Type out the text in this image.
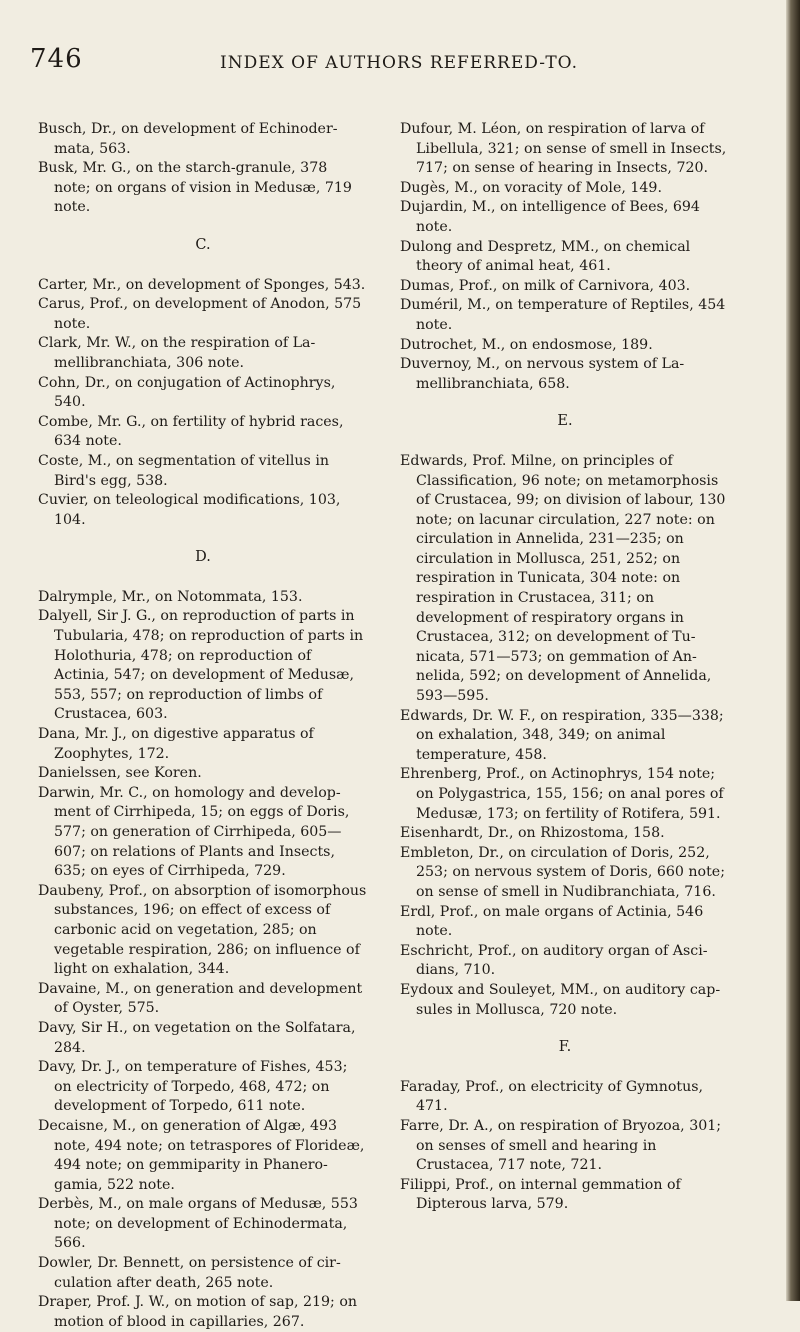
746	INDEX OF AUTHORS REFERRED-TO.

Busch, Dr., on development of Echinodermata, 563.

Busk, Mr. G., on the starch-granule, 378 note; on organs of vision in Medusæ, 719 note.

C.

Carter, Mr., on development of Sponges, 543.

Carus, Prof., on development of Anodon, 575 note.

Clark, Mr. W., on the respiration of Lamellibranchiata, 306 note.

Cohn, Dr., on conjugation of Actinophrys, 540.

Combe, Mr. G., on fertility of hybrid races, 634 note.

Coste, M., on segmentation of vitellus in Bird's egg, 538.

Cuvier, on teleological modifications, 103, 104.

D.

Dalrymple, Mr., on Notommata, 153.

Dalyell, Sir J. G., on reproduction of parts in Tubularia, 478; on reproduction of parts in Holothuria, 478; on reproduction of Actinia, 547; on development of Medusæ, 553, 557; on reproduction of limbs of Crustacea, 603.

Dana, Mr. J., on digestive apparatus of Zoophytes, 172.

Danielssen, see Koren.

Darwin, Mr. C., on homology and development of Cirrhipeda, 15; on eggs of Doris, 577; on generation of Cirrhipeda, 605—607; on relations of Plants and Insects, 635; on eyes of Cirrhipeda, 729.

Daubeny, Prof., on absorption of isomorphous substances, 196; on effect of excess of carbonic acid on vegetation, 285; on vegetable respiration, 286; on influence of light on exhalation, 344.

Davaine, M., on generation and development of Oyster, 575.

Davy, Sir H., on vegetation on the Solfatara, 284.

Davy, Dr. J., on temperature of Fishes, 453; on electricity of Torpedo, 468, 472; on development of Torpedo, 611 note.

Decaisne, M., on generation of Algæ, 493 note, 494 note; on tetraspores of Florideæ, 494 note; on gemmiparity in Phanerogamia, 522 note.

Derbès, M., on male organs of Medusæ, 553 note; on development of Echinodermata, 566.

Dowler, Dr. Bennett, on persistence of circulation after death, 265 note.

Draper, Prof. J. W., on motion of sap, 219; on motion of blood in capillaries, 267.

Dufour, M. Léon, on respiration of larva of Libellula, 321; on sense of smell in Insects, 717; on sense of hearing in Insects, 720.

Dugès, M., on voracity of Mole, 149.

Dujardin, M., on intelligence of Bees, 694 note.

Dulong and Despretz, MM., on chemical theory of animal heat, 461.

Dumas, Prof., on milk of Carnivora, 403.

Duméril, M., on temperature of Reptiles, 454 note.

Dutrochet, M., on endosmose, 189.

Duvernoy, M., on nervous system of Lamellibranchiata, 658.

E.

Edwards, Prof. Milne, on principles of Classification, 96 note; on metamorphosis of Crustacea, 99; on division of labour, 130 note; on lacunar circulation, 227 note: on circulation in Annelida, 231—235; on circulation in Mollusca, 251, 252; on respiration in Tunicata, 304 note: on respiration in Crustacea, 311; on development of respiratory organs in Crustacea, 312; on development of Tunicata, 571—573; on gemmation of Annelida, 592; on development of Annelida, 593—595.

Edwards, Dr. W. F., on respiration, 335—338; on exhalation, 348, 349; on animal temperature, 458.

Ehrenberg, Prof., on Actinophrys, 154 note; on Polygastrica, 155, 156; on anal pores of Medusæ, 173; on fertility of Rotifera, 591.

Eisenhardt, Dr., on Rhizostoma, 158.

Embleton, Dr., on circulation of Doris, 252, 253; on nervous system of Doris, 660 note; on sense of smell in Nudibranchiata, 716.

Erdl, Prof., on male organs of Actinia, 546 note.

Eschricht, Prof., on auditory organ of Ascidians, 710.

Eydoux and Souleyet, MM., on auditory capsules in Mollusca, 720 note.

F.

Faraday, Prof., on electricity of Gymnotus, 471.

Farre, Dr. A., on respiration of Bryozoa, 301; on senses of smell and hearing in Crustacea, 717 note, 721.

Filippi, Prof., on internal gemmation of Dipterous larva, 579.
